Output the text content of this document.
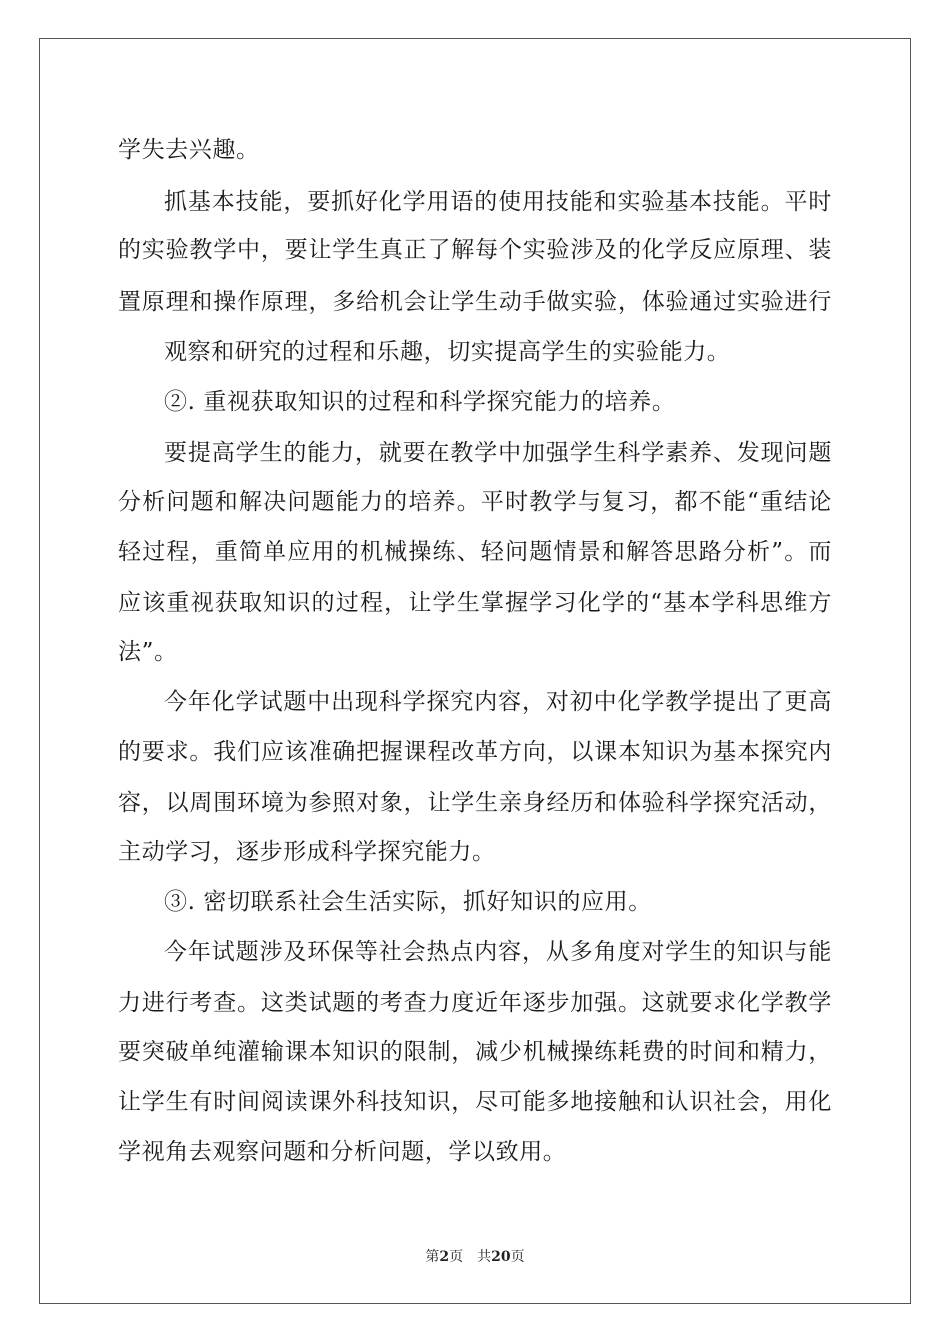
学失去兴趣。
抓基本技能，要抓好化学用语的使用技能和实验基本技能。平时
的实验教学中，要让学生真正了解每个实验涉及的化学反应原理、装
置原理和操作原理，多给机会让学生动手做实验，体验通过实验进行
观察和研究的过程和乐趣，切实提高学生的实验能力。
②. 重视获取知识的过程和科学探究能力的培养。
要提高学生的能力，就要在教学中加强学生科学素养、发现问题
分析问题和解决问题能力的培养。平时教学与复习，都不能“重结论
轻过程，重简单应用的机械操练、轻问题情景和解答思路分析”。而
应该重视获取知识的过程，让学生掌握学习化学的“基本学科思维方
法”。
今年化学试题中出现科学探究内容，对初中化学教学提出了更高
的要求。我们应该准确把握课程改革方向，以课本知识为基本探究内
容，以周围环境为参照对象，让学生亲身经历和体验科学探究活动，
主动学习，逐步形成科学探究能力。
③. 密切联系社会生活实际，抓好知识的应用。
今年试题涉及环保等社会热点内容，从多角度对学生的知识与能
力进行考查。这类试题的考查力度近年逐步加强。这就要求化学教学
要突破单纯灌输课本知识的限制，减少机械操练耗费的时间和精力，
让学生有时间阅读课外科技知识，尽可能多地接触和认识社会，用化
学视角去观察问题和分析问题，学以致用。
第2页 共20页
